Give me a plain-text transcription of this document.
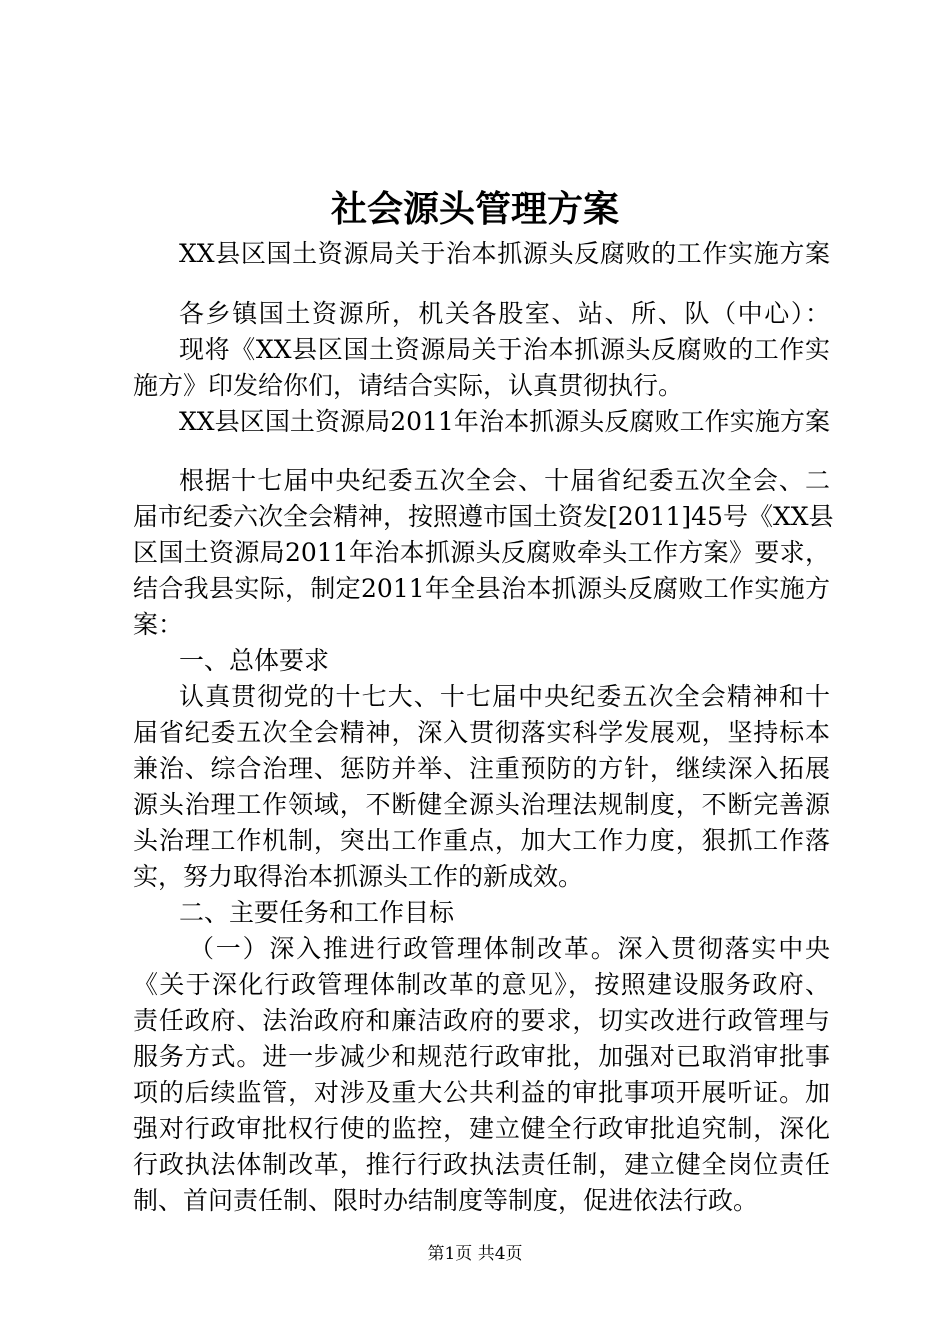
社会源头管理方案

XX县区国土资源局关于治本抓源头反腐败的工作实施方案

各乡镇国土资源所，机关各股室、站、所、队（中心）：

现将《XX县区国土资源局关于治本抓源头反腐败的工作实

施方》印发给你们，请结合实际，认真贯彻执行。

XX县区国土资源局2011年治本抓源头反腐败工作实施方案

根据十七届中央纪委五次全会、十届省纪委五次全会、二

届市纪委六次全会精神，按照遵市国土资发[2011]45号《XX县

区国土资源局2011年治本抓源头反腐败牵头工作方案》要求，

结合我县实际，制定2011年全县治本抓源头反腐败工作实施方

案：

一、总体要求

认真贯彻党的十七大、十七届中央纪委五次全会精神和十

届省纪委五次全会精神，深入贯彻落实科学发展观，坚持标本

兼治、综合治理、惩防并举、注重预防的方针，继续深入拓展

源头治理工作领域，不断健全源头治理法规制度，不断完善源

头治理工作机制，突出工作重点，加大工作力度，狠抓工作落

实，努力取得治本抓源头工作的新成效。

二、主要任务和工作目标

（一）深入推进行政管理体制改革。深入贯彻落实中央

《关于深化行政管理体制改革的意见》，按照建设服务政府、

责任政府、法治政府和廉洁政府的要求，切实改进行政管理与

服务方式。进一步减少和规范行政审批，加强对已取消审批事

项的后续监管，对涉及重大公共利益的审批事项开展听证。加

强对行政审批权行使的监控，建立健全行政审批追究制，深化

行政执法体制改革，推行行政执法责任制，建立健全岗位责任

制、首问责任制、限时办结制度等制度，促进依法行政。

第1页 共4页
